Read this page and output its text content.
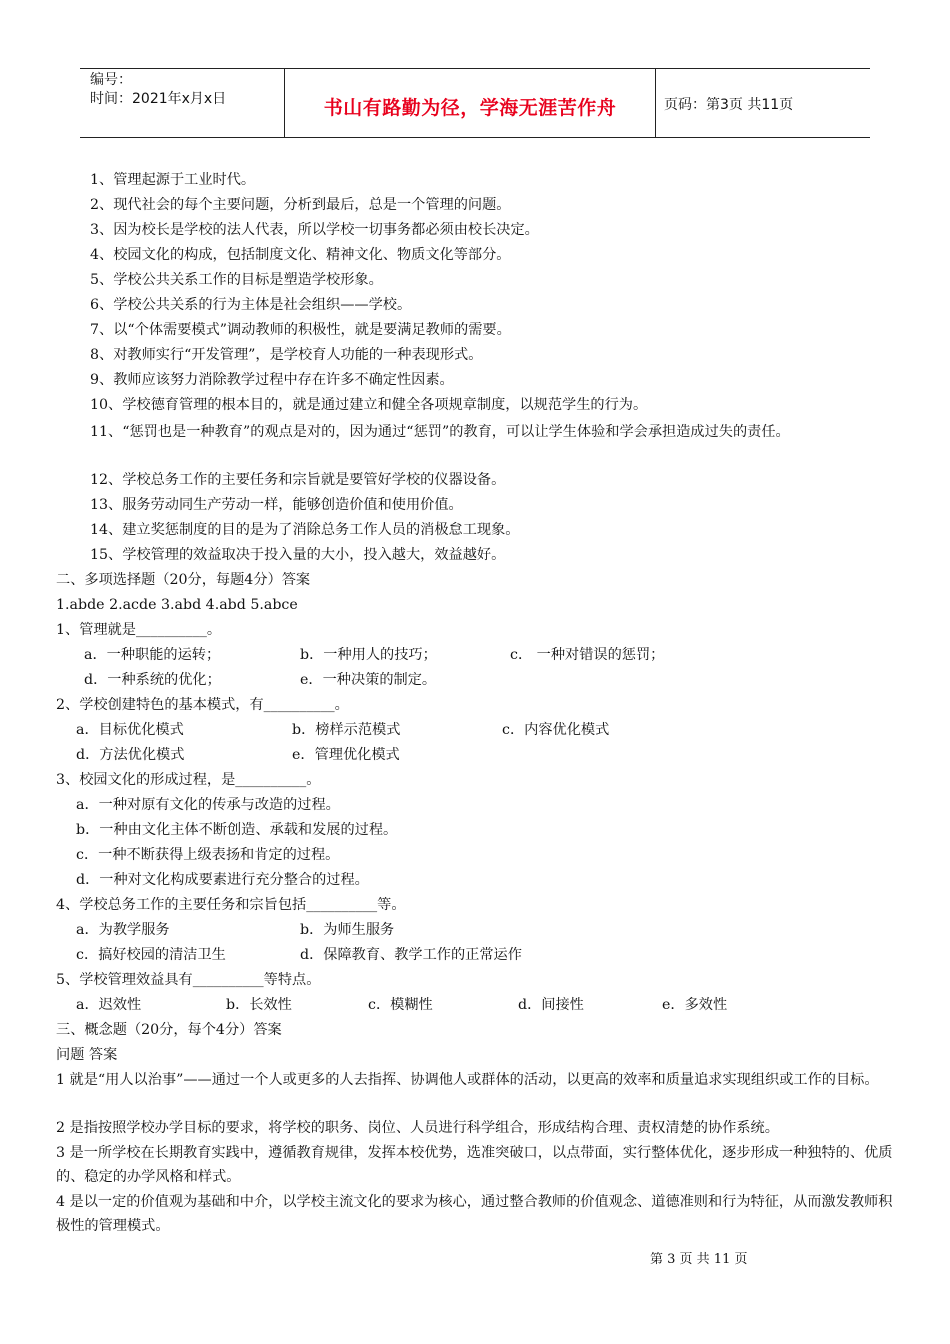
编号：
时间：2021年x月x日	书山有路勤为径，学海无涯苦作舟	页码：第3页 共11页
1、管理起源于工业时代。
2、现代社会的每个主要问题，分析到最后，总是一个管理的问题。
3、因为校长是学校的法人代表，所以学校一切事务都必须由校长决定。
4、校园文化的构成，包括制度文化、精神文化、物质文化等部分。
5、学校公共关系工作的目标是塑造学校形象。
6、学校公共关系的行为主体是社会组织——学校。
7、以“个体需要模式”调动教师的积极性，就是要满足教师的需要。
8、对教师实行“开发管理”，是学校育人功能的一种表现形式。
9、教师应该努力消除教学过程中存在许多不确定性因素。
10、学校德育管理的根本目的，就是通过建立和健全各项规章制度，以规范学生的行为。
11、“惩罚也是一种教育”的观点是对的，因为通过“惩罚”的教育，可以让学生体验和学会承担造成过失的责任。
12、学校总务工作的主要任务和宗旨就是要管好学校的仪器设备。
13、服务劳动同生产劳动一样，能够创造价值和使用价值。
14、建立奖惩制度的目的是为了消除总务工作人员的消极怠工现象。
15、学校管理的效益取决于投入量的大小，投入越大，效益越好。
二、多项选择题（20分，每题4分）答案
1.abde 2.acde 3.abd 4.abd 5.abce
1、管理就是__________。
a．一种职能的运转；	b．一种用人的技巧；	c． 一种对错误的惩罚；
d．一种系统的优化；	e．一种决策的制定。
2、学校创建特色的基本模式，有__________。
a．目标优化模式	b．榜样示范模式	c．内容优化模式
d．方法优化模式	e．管理优化模式
3、校园文化的形成过程，是__________。
a．一种对原有文化的传承与改造的过程。
b．一种由文化主体不断创造、承载和发展的过程。
c．一种不断获得上级表扬和肯定的过程。
d．一种对文化构成要素进行充分整合的过程。
4、学校总务工作的主要任务和宗旨包括__________等。
a．为教学服务	b．为师生服务
c．搞好校园的清洁卫生	d．保障教育、教学工作的正常运作
5、学校管理效益具有__________等特点。
a．迟效性	b．长效性	c．模糊性	d．间接性	e．多效性
三、概念题（20分，每个4分）答案
问题 答案
1 就是“用人以治事”——通过一个人或更多的人去指挥、协调他人或群体的活动，以更高的效率和质量追求实现组织或工作的目标。
2 是指按照学校办学目标的要求，将学校的职务、岗位、人员进行科学组合，形成结构合理、责权清楚的协作系统。
3 是一所学校在长期教育实践中，遵循教育规律，发挥本校优势，选准突破口，以点带面，实行整体优化，逐步形成一种独特的、优质的、稳定的办学风格和样式。
4 是以一定的价值观为基础和中介，以学校主流文化的要求为核心，通过整合教师的价值观念、道德准则和行为特征，从而激发教师积极性的管理模式。
第 3 页 共 11 页
